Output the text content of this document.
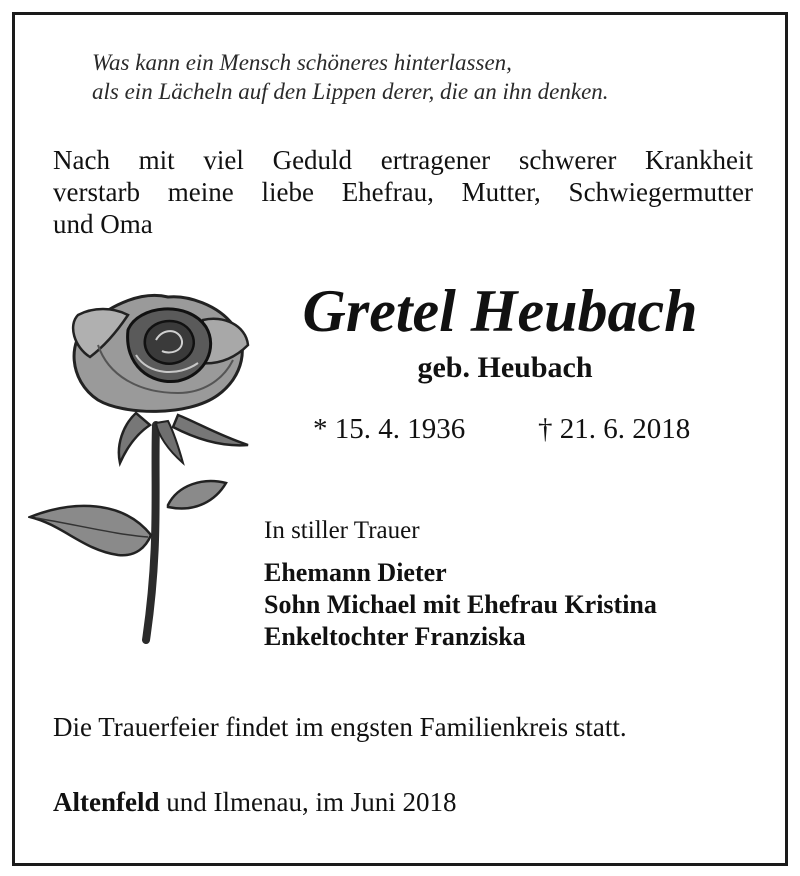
Was kann ein Mensch schöneres hinterlassen,
als ein Lächeln auf den Lippen derer, die an ihn denken.
Nach mit viel Geduld ertragener schwerer Krankheit
verstarb meine liebe Ehefrau, Mutter, Schwiegermutter
und Oma
Gretel Heubach
geb. Heubach
* 15. 4. 1936	† 21. 6. 2018
In stiller Trauer
Ehemann Dieter
Sohn Michael mit Ehefrau Kristina
Enkeltochter Franziska
Die Trauerfeier findet im engsten Familienkreis statt.
Altenfeld und Ilmenau, im Juni 2018
